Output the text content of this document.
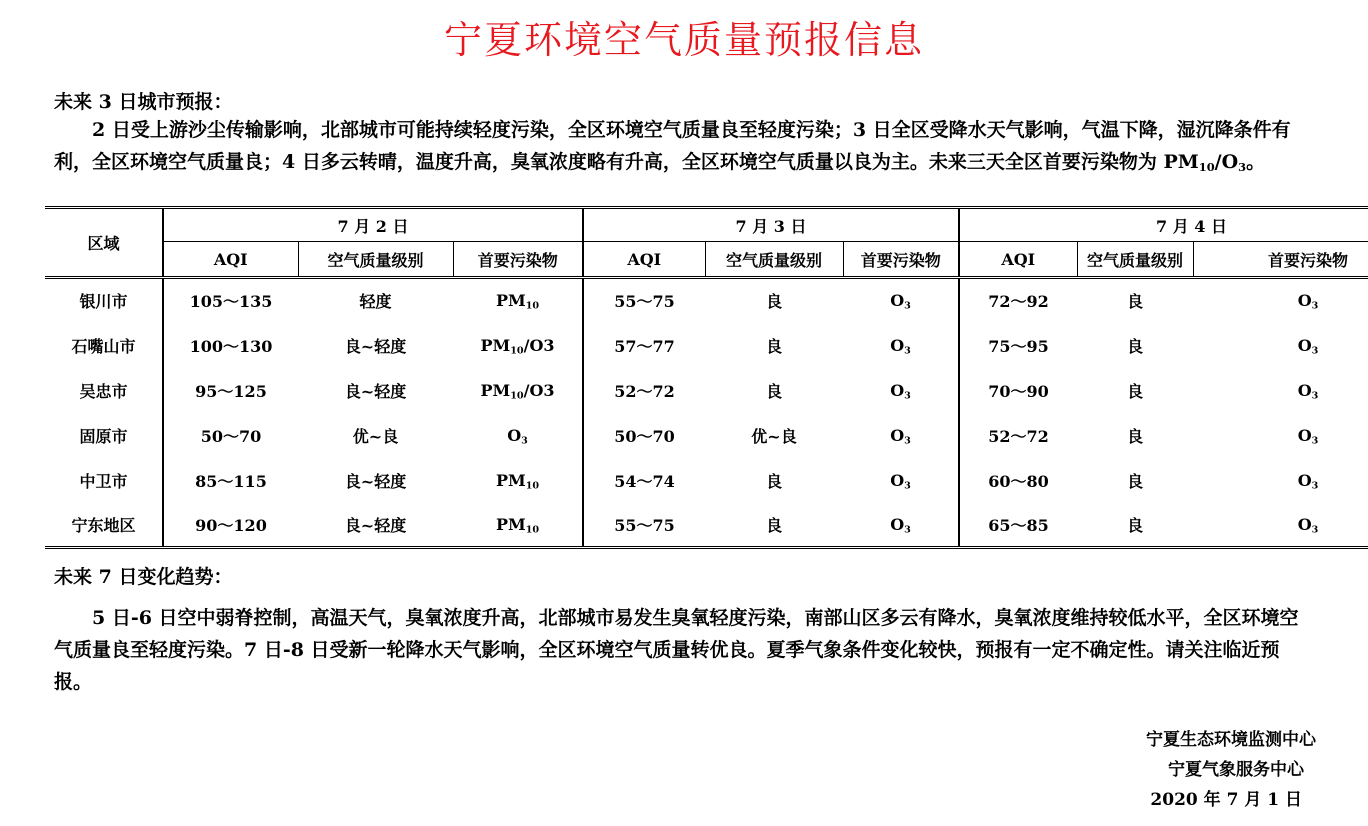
宁夏环境空气质量预报信息
未来 3 日城市预报：
2 日受上游沙尘传输影响，北部城市可能持续轻度污染，全区环境空气质量良至轻度污染；3 日全区受降水天气影响，气温下降，湿沉降条件有利，全区环境空气质量良；4 日多云转晴，温度升高，臭氧浓度略有升高，全区环境空气质量以良为主。未来三天全区首要污染物为 $PM_{10}/O_3$。
区域	7 月 2 日			7 月 3 日			7 月 4 日		
	AQI	空气质量级别	首要污染物	AQI	空气质量级别	首要污染物	AQI	空气质量级别	首要污染物
银川市	105～135	轻度	$PM_{10}$	55～75	良	$O_3$	72～92	良	$O_3$
石嘴山市	100～130	良~轻度	$PM_{10}/O3$	57～77	良	$O_3$	75～95	良	$O_3$
吴忠市	95～125	良~轻度	$PM_{10}/O3$	52～72	良	$O_3$	70～90	良	$O_3$
固原市	50～70	优~良	$O_3$	50～70	优~良	$O_3$	52～72	良	$O_3$
中卫市	85～115	良~轻度	$PM_{10}$	54～74	良	$O_3$	60～80	良	$O_3$
宁东地区	90～120	良~轻度	$PM_{10}$	55～75	良	$O_3$	65～85	良	$O_3$
未来 7 日变化趋势：
5 日-6 日空中弱脊控制，高温天气，臭氧浓度升高，北部城市易发生臭氧轻度污染，南部山区多云有降水，臭氧浓度维持较低水平，全区环境空气质量良至轻度污染。7 日-8 日受新一轮降水天气影响，全区环境空气质量转优良。夏季气象条件变化较快，预报有一定不确定性。请关注临近预报。
宁夏生态环境监测中心
宁夏气象服务中心
2020 年 7 月 1 日
